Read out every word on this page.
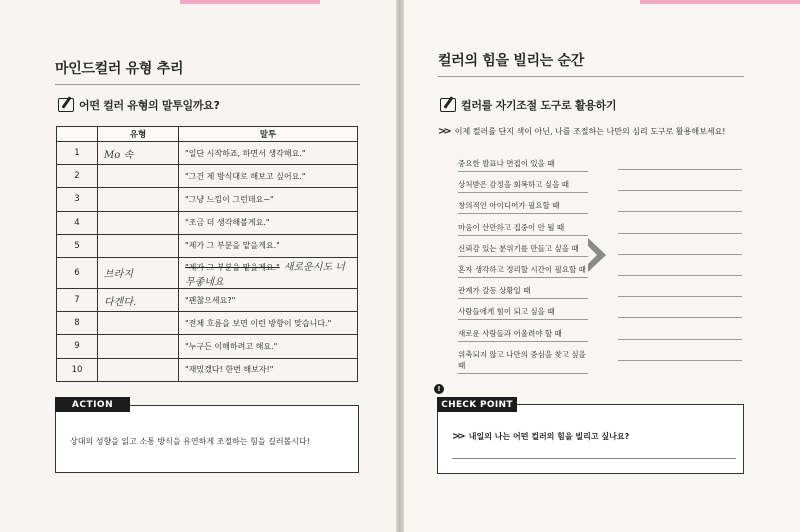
마인드컬러 유형 추리
어떤 컬러 유형의 말투일까요?
	유형	말투
1	Mo 속	"일단 시작하죠, 하면서 생각해요."
2		"그건 제 방식대로 해보고 싶어요."
3		"그냥 느낌이 그런데요~"
4		"조금 더 생각해볼게요."
5		"제가 그 부분을 맡을게요."
6	브라지	"제가 그 부분을 맡을게요." 새로운시도 너무좋네요
7	다겐다.	"괜찮으세요?"
8		"전체 흐름을 보면 이런 방향이 맞습니다."
9		"누구든 이해하려고 해요."
10		"재밌겠다! 한번 해보자!"
ACTION
상대의 성향을 읽고 소통 방식을 유연하게 조절하는 힘을 길러봅시다!
컬러의 힘을 빌리는 순간
컬러를 자기조절 도구로 활용하기
>> 이제 컬러를 단지 색이 아닌, 나를 조절하는 나만의 심리 도구로 활용해보세요!
중요한 발표나 면접이 있을 때
상처받은 감정을 회복하고 싶을 때
창의적인 아이디어가 필요할 때
마음이 산만하고 집중이 안 될 때
신뢰감 있는 분위기를 만들고 싶을 때
혼자 생각하고 정리할 시간이 필요할 때
관계가 갈등 상황일 때
사람들에게 힘이 되고 싶을 때
새로운 사람들과 어울려야 할 때
위축되지 않고 나만의 중심을 찾고 싶을 때
CHECK POINT
!
>> 내일의 나는 어떤 컬러의 힘을 빌리고 싶나요?
